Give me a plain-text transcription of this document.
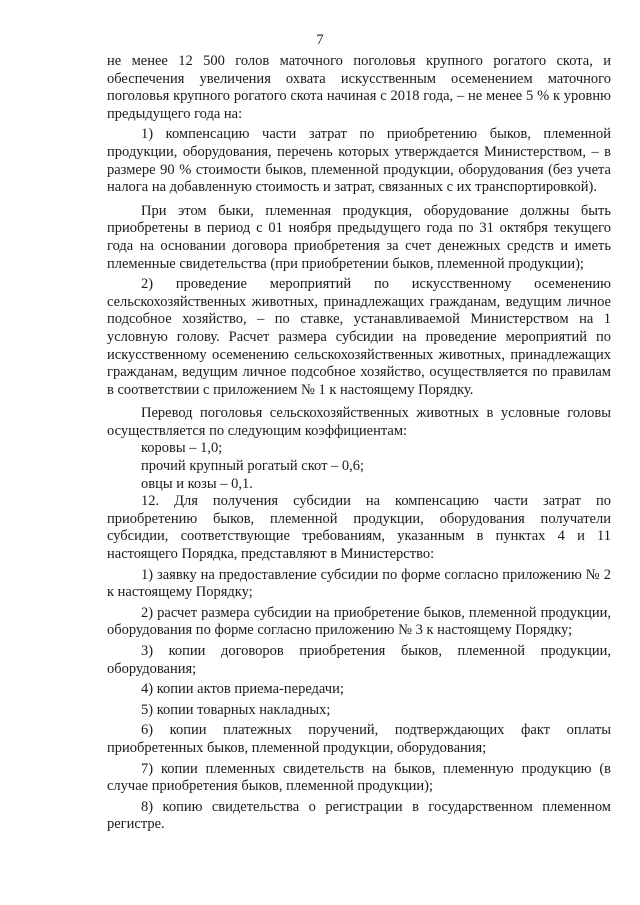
7

не менее 12 500 голов маточного поголовья крупного рогатого скота, и обеспечения увеличения охвата искусственным осеменением маточного поголовья крупного рогатого скота начиная с 2018 года, – не менее 5 % к уровню предыдущего года на:

1) компенсацию части затрат по приобретению быков, племенной продукции, оборудования, перечень которых утверждается Министерством, – в размере 90 % стоимости быков, племенной продукции, оборудования (без учета налога на добавленную стоимость и затрат, связанных с их транспортировкой).

При этом быки, племенная продукция, оборудование должны быть приобретены в период с 01 ноября предыдущего года по 31 октября текущего года на основании договора приобретения за счет денежных средств и иметь племенные свидетельства (при приобретении быков, племенной продукции);

2) проведение мероприятий по искусственному осеменению сельскохозяйственных животных, принадлежащих гражданам, ведущим личное подсобное хозяйство, – по ставке, устанавливаемой Министерством на 1 условную голову. Расчет размера субсидии на проведение мероприятий по искусственному осеменению сельскохозяйственных животных, принадлежащих гражданам, ведущим личное подсобное хозяйство, осуществляется по правилам в соответствии с приложением № 1 к настоящему Порядку.

Перевод поголовья сельскохозяйственных животных в условные головы осуществляется по следующим коэффициентам:

коровы – 1,0;

прочий крупный рогатый скот – 0,6;

овцы и козы – 0,1.

12. Для получения субсидии на компенсацию части затрат по приобретению быков, племенной продукции, оборудования получатели субсидии, соответствующие требованиям, указанным в пунктах 4 и 11 настоящего Порядка, представляют в Министерство:

1) заявку на предоставление субсидии по форме согласно приложению № 2 к настоящему Порядку;

2) расчет размера субсидии на приобретение быков, племенной продукции, оборудования по форме согласно приложению № 3 к настоящему Порядку;

3) копии договоров приобретения быков, племенной продукции, оборудования;

4) копии актов приема-передачи;

5) копии товарных накладных;

6) копии платежных поручений, подтверждающих факт оплаты приобретенных быков, племенной продукции, оборудования;

7) копии племенных свидетельств на быков, племенную продукцию (в случае приобретения быков, племенной продукции);

8) копию свидетельства о регистрации в государственном племенном регистре.
